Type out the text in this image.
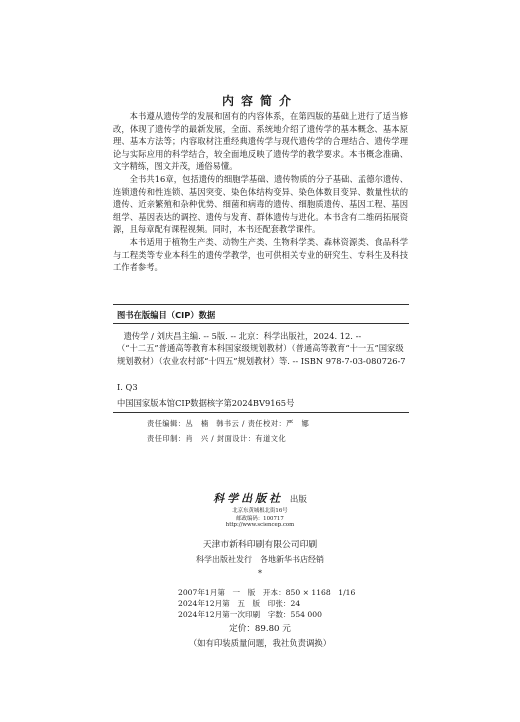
内容简介

本书遵从遗传学的发展和固有的内容体系，在第四版的基础上进行了适当修改，体现了遗传学的最新发展，全面、系统地介绍了遗传学的基本概念、基本原理、基本方法等；内容取材注重经典遗传学与现代遗传学的合理结合、遗传学理论与实际应用的科学结合，较全面地反映了遗传学的教学要求。本书概念准确、文字精练，图文并茂，通俗易懂。

全书共16章，包括遗传的细胞学基础、遗传物质的分子基础、孟德尔遗传、连锁遗传和性连锁、基因突变、染色体结构变异、染色体数目变异、数量性状的遗传、近亲繁殖和杂种优势、细菌和病毒的遗传、细胞质遗传、基因工程、基因组学、基因表达的调控、遗传与发育、群体遗传与进化。本书含有二维码拓展资源，且每章配有课程视频。同时，本书还配套教学课件。

本书适用于植物生产类、动物生产类、生物科学类、森林资源类、食品科学与工程类等专业本科生的遗传学教学，也可供相关专业的研究生、专科生及科技工作者参考。

图书在版编目（CIP）数据

遗传学 / 刘庆昌主编. -- 5版. -- 北京：科学出版社，2024. 12. --

（“十二五”普通高等教育本科国家级规划教材）（普通高等教育“十一五”国家级规划教材）（农业农村部“十四五”规划教材）等. -- ISBN 978-7-03-080726-7

Ⅰ. Q3
中国国家版本馆CIP数据核字第2024BV9165号
责任编辑：丛　楠　韩书云 / 责任校对：严　娜
责任印制：肖　兴 / 封面设计：有道文化
科学出版社 出版
北京东黄城根北街16号
邮政编码：100717
http://www.sciencep.com
天津市新科印刷有限公司印刷
科学出版社发行　各地新华书店经销
*
2007年1月第　一　版　开本：850 × 1168　1/16
2024年12月第　五　版　印张：24
2024年12月第一次印刷　字数：554 000
定价：89.80 元
（如有印装质量问题，我社负责调换）
